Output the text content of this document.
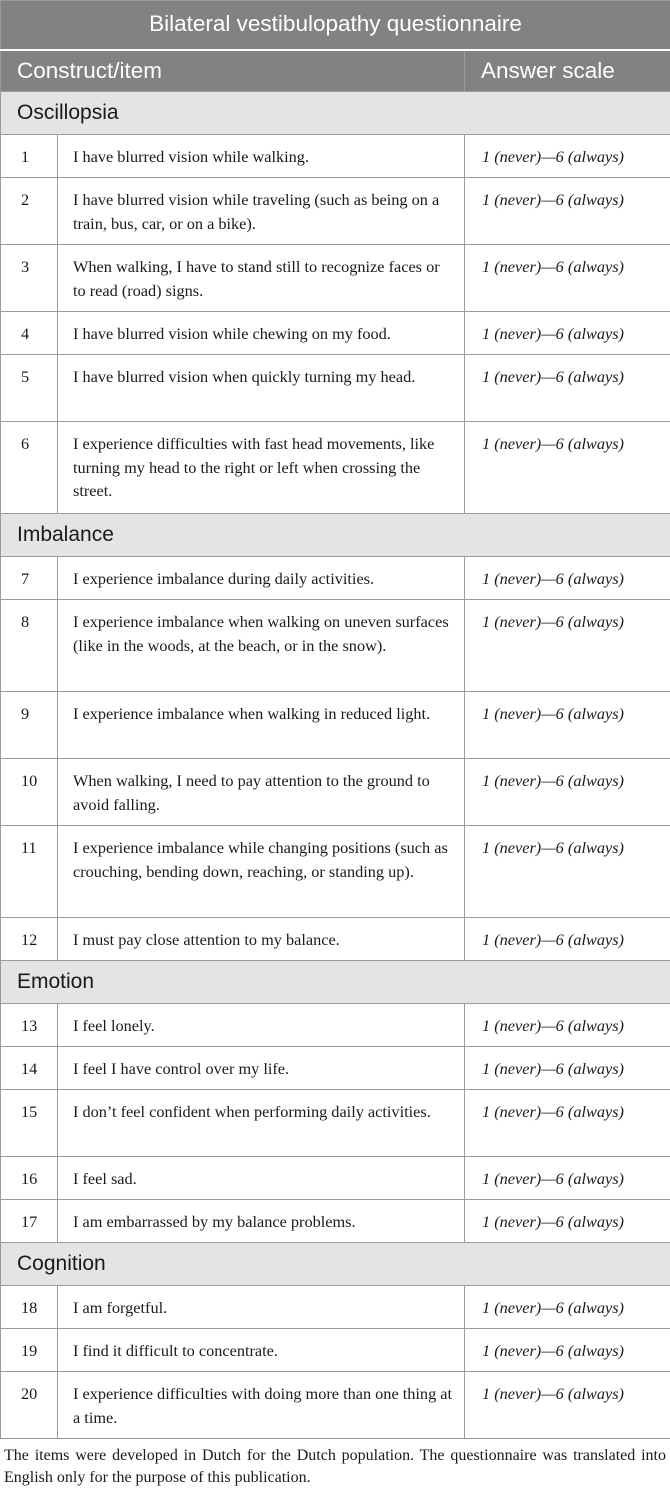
Bilateral vestibulopathy questionnaire		
Construct/item		Answer scale
Oscillopsia		
1	I have blurred vision while walking.	1 (never)—6 (always)
2	I have blurred vision while traveling (such as being on a train, bus, car, or on a bike).	1 (never)—6 (always)
3	When walking, I have to stand still to recognize faces or to read (road) signs.	1 (never)—6 (always)
4	I have blurred vision while chewing on my food.	1 (never)—6 (always)
5	I have blurred vision when quickly turning my head.	1 (never)—6 (always)
6	I experience difficulties with fast head movements, like turning my head to the right or left when crossing the street.	1 (never)—6 (always)
Imbalance		
7	I experience imbalance during daily activities.	1 (never)—6 (always)
8	I experience imbalance when walking on uneven surfaces (like in the woods, at the beach, or in the snow).	1 (never)—6 (always)
9	I experience imbalance when walking in reduced light.	1 (never)—6 (always)
10	When walking, I need to pay attention to the ground to avoid falling.	1 (never)—6 (always)
11	I experience imbalance while changing positions (such as crouching, bending down, reaching, or standing up).	1 (never)—6 (always)
12	I must pay close attention to my balance.	1 (never)—6 (always)
Emotion		
13	I feel lonely.	1 (never)—6 (always)
14	I feel I have control over my life.	1 (never)—6 (always)
15	I don’t feel confident when performing daily activities.	1 (never)—6 (always)
16	I feel sad.	1 (never)—6 (always)
17	I am embarrassed by my balance problems.	1 (never)—6 (always)
Cognition		
18	I am forgetful.	1 (never)—6 (always)
19	I find it difficult to concentrate.	1 (never)—6 (always)
20	I experience difficulties with doing more than one thing at a time.	1 (never)—6 (always)

The items were developed in Dutch for the Dutch population. The questionnaire was translated into English only for the purpose of this publication.
